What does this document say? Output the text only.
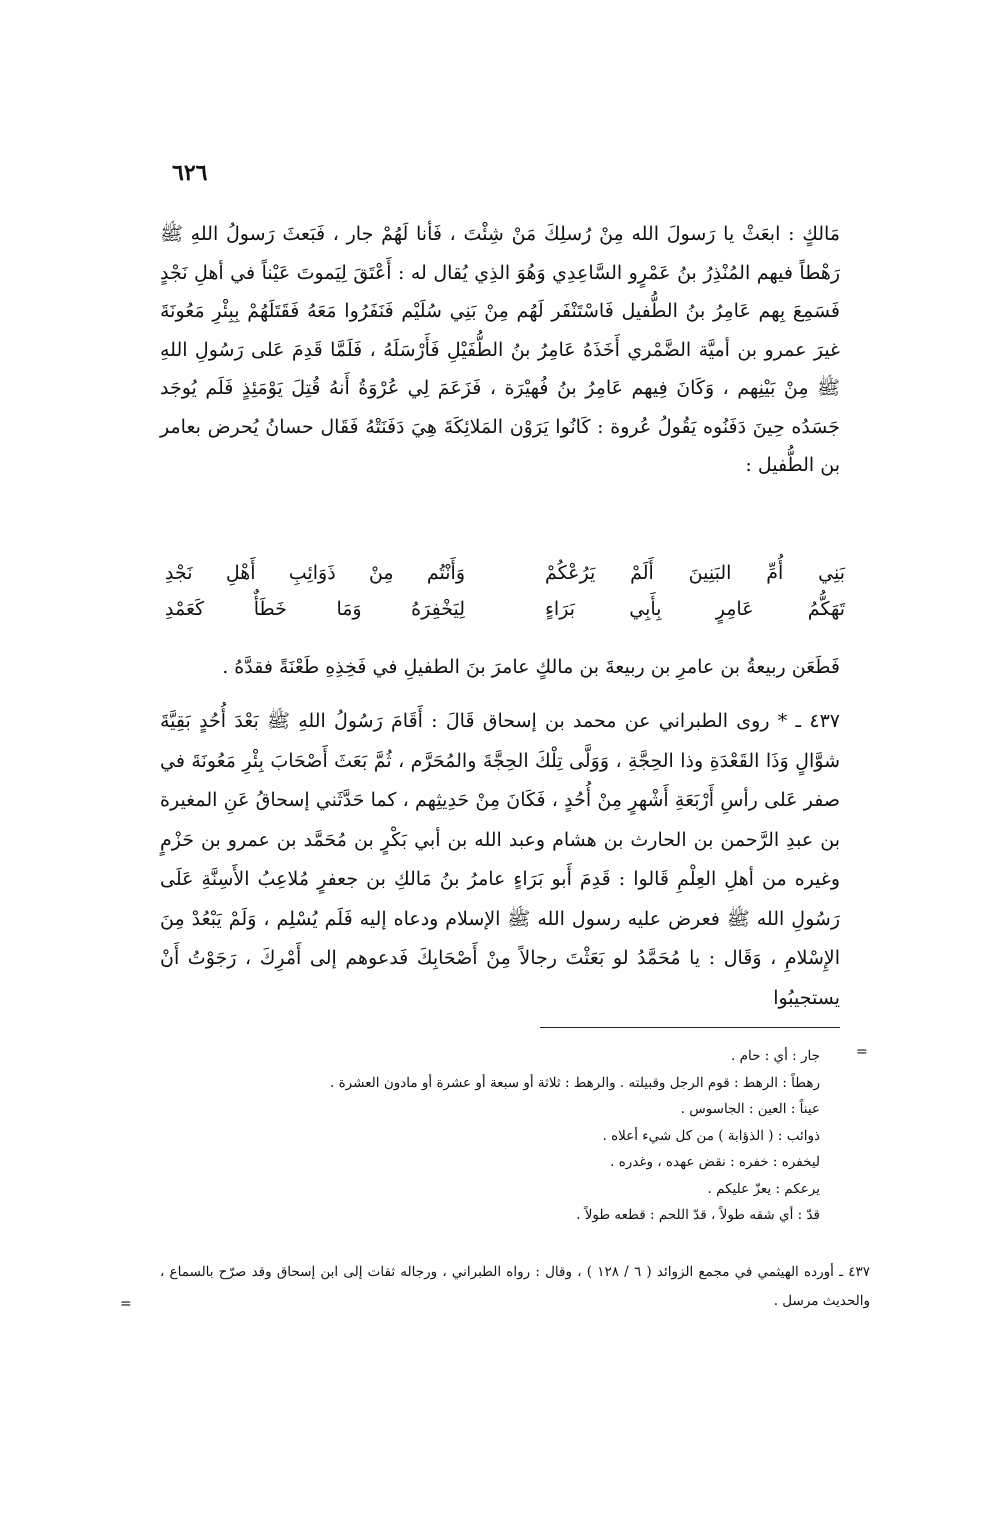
٦٢٦

مَالكٍ : ابعَثْ يا رَسولَ الله مِنْ رُسلِكَ مَنْ شِئْتَ ، فَأنا لَهُمْ جار ، فَبَعثَ رَسولُ اللهِ ﷺ رَهْطاً فيهم المُنْذِرُ بنُ عَمْرٍو السَّاعِدِي وَهُوَ الذِي يُقال له : أَعْتَقَ لِيَموتَ عَيْناً في أهلِ نَجْدٍ فَسَمِعَ بِهم عَامِرُ بنُ الطُّفيل فَاسْتَنْفَر لَهُم مِنْ بَنِي سُلَيْم فَنَفَرُوا مَعَهُ فَقَتَلَهُمْ بِبِئْرِ مَعُونَةَ غيرَ عمرو بن أميَّة الضَّمْري أَخَذَهُ عَامِرُ بنُ الطُّفَيْلِ فَأَرْسَلَهُ ، فَلَمَّا قَدِمَ عَلى رَسُولِ اللهِ ﷺ مِنْ بَيْنِهم ، وَكَانَ فِيهم عَامِرُ بنُ فُهيْرَة ، فَزَعَمَ لِي عُرْوَةُ أَنهُ قُتِلَ يَوْمَئِذٍ فَلَم يُوجَد جَسَدُه حِينَ دَفَنُوه يَقُولُ عُروة : كَانُوا يَرَوْن المَلائِكَةَ هِيَ دَفَنَتْهُ فَقَال حسانُ يُحرض بعامر بن الطُّفيل :

بَنِي أُمِّ البَنِينَ أَلَمْ يَرُعْكُمْ
وَأَنْتُم مِنْ ذَوَائِبِ أَهْلِ نَجْدِ
تَهَكُّمُ عَامِرٍ بِأَبِي بَرَاءٍ
لِيَخْفِرَهُ وَمَا خَطَأٌ كَعَمْدِ

فَطَعَن ربيعةُ بن عامرِ بن ربيعةَ بن مالكٍ عامرَ بنَ الطفيلِ في فَخِذِهِ طَعْنَةً فقدَّهُ .

٤٣٧ ـ * روى الطبراني عن محمد بن إسحاق قَالَ : أَقَامَ رَسُولُ اللهِ ﷺ بَعْدَ أُحُدٍ بَقِيَّةَ شوَّالٍ وَذَا القَعْدَةِ وذا الحِجَّةِ ، وَوَلَّى تِلْكَ الحِجَّةَ والمُحَرَّم ، ثُمَّ بَعَثَ أَصْحَابَ بِئْرِ مَعُونَةَ في صفر عَلى رأسِ أَرْبَعَةِ أَشْهرٍ مِنْ أُحُدٍ ، فَكَانَ مِنْ حَدِيثِهم ، كما حَدَّثَني إسحاقُ عَنِ المغيرة بن عبدِ الرَّحمن بن الحارث بن هشام وعبد الله بن أبي بَكْرٍ بن مُحَمَّد بن عمرو بن حَزْمٍ وغيره من أهلِ العِلْمِ قَالوا : قَدِمَ أَبو بَرَاءٍ عامرُ بنُ مَالكِ بن جعفرٍ مُلاعِبُ الأَسِنَّةِ عَلَى رَسُولِ الله ﷺ فعرض عليه رسول الله ﷺ الإسلام ودعاه إليه فَلَم يُسْلِم ، وَلَمْ يَبْعُدْ مِنَ الإِسْلامِ ، وَقَال : يا مُحَمَّدُ لو بَعَثْتَ رجالاً مِنْ أَصْحَابِكَ فَدعوهم إلى أَمْرِكَ ، رَجَوْتُ أَنْ يستجيبُوا

=

جار : أي : حام .

رهطاً : الرهط : قوم الرجل وقبيلته . والرهط : ثلاثة أو سبعة أو عشرة أو مادون العشرة .

عيناً : العين : الجاسوس .

ذوائب : ( الذؤابة ) من كل شيء أعلاه .

ليخفره : خفره : نقض عهده ، وغدره .

يرعكم : يعزّ عليكم .

قدّ : أي شقه طولاً ، قدّ اللحم : قطعه طولاً .

٤٣٧ ـ أورده الهيثمي في مجمع الزوائد ( ٦ / ١٢٨ ) ، وقال : رواه الطبراني ، ورجاله ثقات إلى ابن إسحاق وقد صرّح بالسماع ، والحديث مرسل .

=
